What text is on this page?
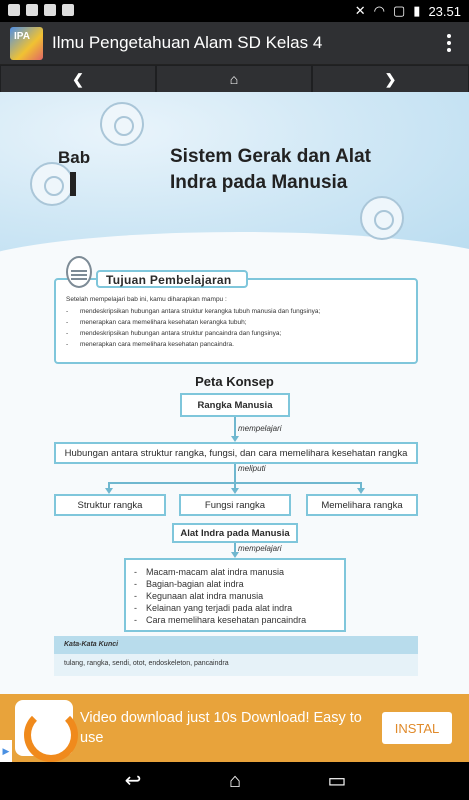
✕ ◠ ▢ ▮ 23.51
IPA Ilmu Pengetahuan Alam SD Kelas 4
❮	⌂	❯
Bab	Sistem Gerak dan Alat
Indra pada Manusia
Tujuan Pembelajaran
Setelah mempelajari bab ini, kamu diharapkan mampu :
- mendeskripsikan hubungan antara struktur kerangka tubuh manusia dan fungsinya;
- menerapkan cara memelihara kesehatan kerangka tubuh;
- mendeskripsikan hubungan antara struktur pancaindra dan fungsinya;
- menerapkan cara memelihara kesehatan pancaindra.
Peta Konsep
Rangka Manusia
mempelajari
Hubungan antara struktur rangka, fungsi, dan cara memelihara kesehatan rangka
meliputi
Struktur rangka	Fungsi rangka	Memelihara rangka
Alat Indra pada Manusia
mempelajari
- Macam-macam alat indra manusia
- Bagian-bagian alat indra
- Kegunaan alat indra manusia
- Kelainan yang terjadi pada alat indra
- Cara memelihara kesehatan pancaindra
Kata-Kata Kunci
tulang, rangka, sendi, otot, endoskeleton, pancaindra
Video download just 10s Download! Easy to use
INSTAL
▶
↩	⌂	▭
